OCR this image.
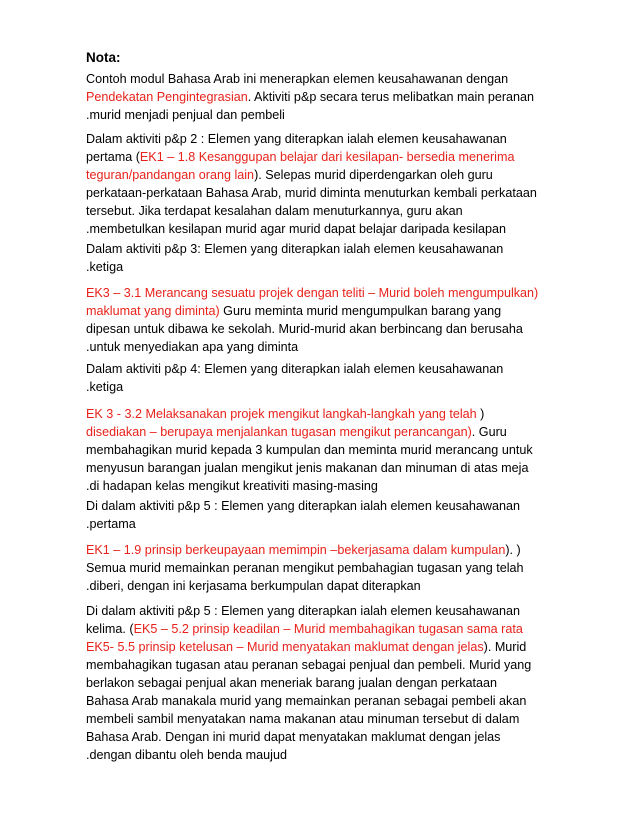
Nota:
Contoh modul Bahasa Arab ini menerapkan elemen keusahawanan dengan
Pendekatan Pengintegrasian. Aktiviti p&p secara terus melibatkan main peranan
.murid menjadi penjual dan pembeli
Dalam aktiviti p&p 2 : Elemen yang diterapkan ialah elemen keusahawanan
pertama (EK1 – 1.8 Kesanggupan belajar dari kesilapan- bersedia menerima
teguran/pandangan orang lain). Selepas murid diperdengarkan oleh guru
perkataan-perkataan Bahasa Arab, murid diminta menuturkan kembali perkataan
tersebut. Jika terdapat kesalahan dalam menuturkannya, guru akan
.membetulkan kesilapan murid agar murid dapat belajar daripada kesilapan
Dalam aktiviti p&p 3: Elemen yang diterapkan ialah elemen keusahawanan
.ketiga
EK3 – 3.1 Merancang sesuatu projek dengan teliti – Murid boleh mengumpulkan)
maklumat yang diminta) Guru meminta murid mengumpulkan barang yang
dipesan untuk dibawa ke sekolah. Murid-murid akan berbincang dan berusaha
.untuk menyediakan apa yang diminta
Dalam aktiviti p&p 4: Elemen yang diterapkan ialah elemen keusahawanan
.ketiga
EK 3 - 3.2 Melaksanakan projek mengikut langkah-langkah yang telah )
disediakan – berupaya menjalankan tugasan mengikut perancangan). Guru
membahagikan murid kepada 3 kumpulan dan meminta murid merancang untuk
menyusun barangan jualan mengikut jenis makanan dan minuman di atas meja
.di hadapan kelas mengikut kreativiti masing-masing
Di dalam aktiviti p&p 5 : Elemen yang diterapkan ialah elemen keusahawanan
.pertama
EK1 – 1.9 prinsip berkeupayaan memimpin –bekerjasama dalam kumpulan). )
Semua murid memainkan peranan mengikut pembahagian tugasan yang telah
.diberi, dengan ini kerjasama berkumpulan dapat diterapkan
Di dalam aktiviti p&p 5 : Elemen yang diterapkan ialah elemen keusahawanan
kelima. (EK5 – 5.2 prinsip keadilan – Murid membahagikan tugasan sama rata
EK5- 5.5 prinsip ketelusan – Murid menyatakan maklumat dengan jelas). Murid
membahagikan tugasan atau peranan sebagai penjual dan pembeli. Murid yang
berlakon sebagai penjual akan meneriak barang jualan dengan perkataan
Bahasa Arab manakala murid yang memainkan peranan sebagai pembeli akan
membeli sambil menyatakan nama makanan atau minuman tersebut di dalam
Bahasa Arab. Dengan ini murid dapat menyatakan maklumat dengan jelas
.dengan dibantu oleh benda maujud
